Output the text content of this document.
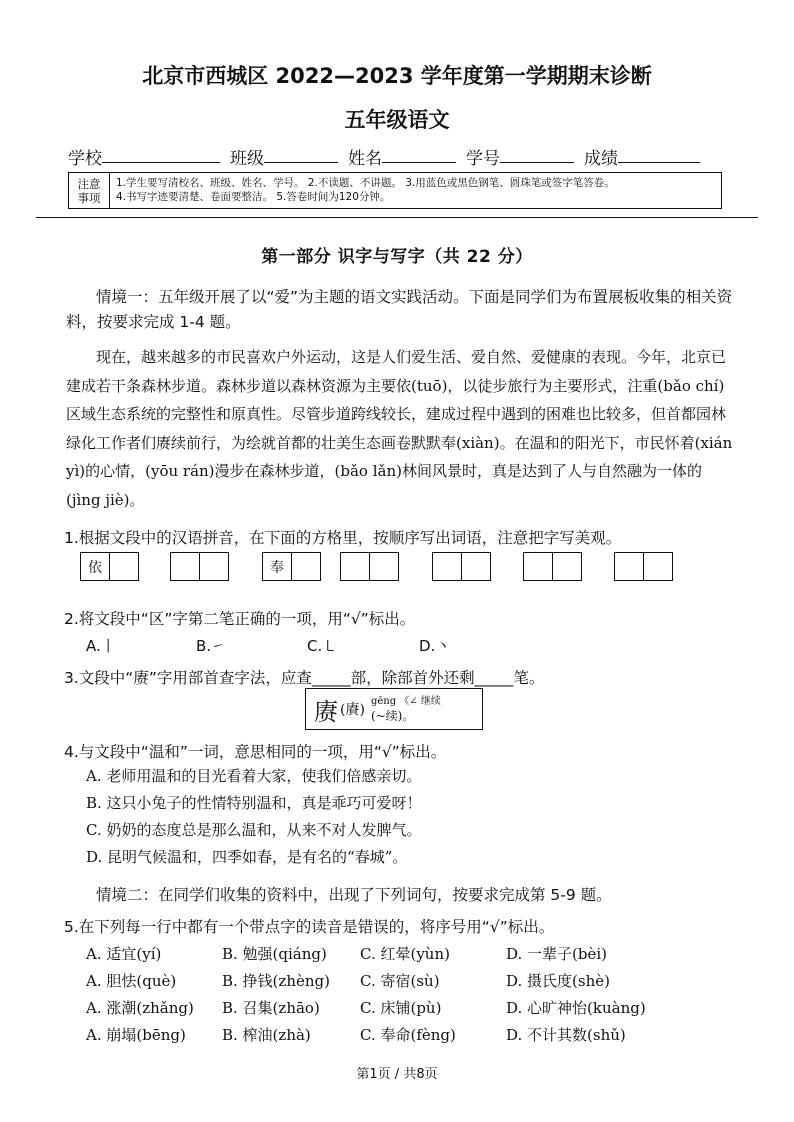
北京市西城区 2022—2023 学年度第一学期期末诊断
五年级语文
学校	班级	姓名	学号	成绩
注意
事项
1.学生要写清校名、班级、姓名、学号。 2.不读题、不讲题。 3.用蓝色或黑色钢笔、圆珠笔或签字笔答卷。
4.书写字迹要清楚、卷面要整洁。 5.答卷时间为120分钟。
第一部分 识字与写字（共 22 分）
情境一：五年级开展了以“爱”为主题的语文实践活动。下面是同学们为布置展板收集的相关资料，按要求完成 1-4 题。
现在，越来越多的市民喜欢户外运动，这是人们爱生活、爱自然、爱健康的表现。今年，北京已建成若干条森林步道。森林步道以森林资源为主要依(tuō)，以徒步旅行为主要形式，注重(bǎo chí)区域生态系统的完整性和原真性。尽管步道跨线较长，建成过程中遇到的困难也比较多，但首都园林绿化工作者们赓续前行，为绘就首都的壮美生态画卷默默奉(xiàn)。在温和的阳光下，市民怀着(xián yì)的心情，(yōu rán)漫步在森林步道，(bǎo lǎn)林间风景时，真是达到了人与自然融为一体的(jìng jiè)。
1.根据文段中的汉语拼音，在下面的方格里，按顺序写出词语，注意把字写美观。
依	奉
2.将文段中“区”字第二笔正确的一项，用“√”标出。
A.丨	B.㇀	C.㇄	D.丶
3.文段中“赓”字用部首查字法，应查_____部，除部首外还剩_____笔。
赓 (賡)
gēng 《∠ 继续
(~续)。
4.与文段中“温和”一词，意思相同的一项，用“√”标出。
A. 老师用温和的目光看着大家，使我们倍感亲切。
B. 这只小兔子的性情特别温和，真是乖巧可爱呀！
C. 奶奶的态度总是那么温和，从来不对人发脾气。
D. 昆明气候温和，四季如春，是有名的“春城”。
情境二：在同学们收集的资料中，出现了下列词句，按要求完成第 5-9 题。
5.在下列每一行中都有一个带点字的读音是错误的，将序号用“√”标出。
A. 适宜(yí)	B. 勉强(qiáng) C. 红晕(yùn)	D. 一辈子(bèi)
A. 胆怯(què)	B. 挣钱(zhèng) C. 寄宿(sù)	D. 摄氏度(shè)
A. 涨潮(zhǎng) B. 召集(zhāo)	C. 床铺(pù)	D. 心旷神怡(kuàng)
A. 崩塌(bēng) B. 榨油(zhà)	C. 奉命(fèng)	D. 不计其数(shǔ)
第1页 / 共8页
